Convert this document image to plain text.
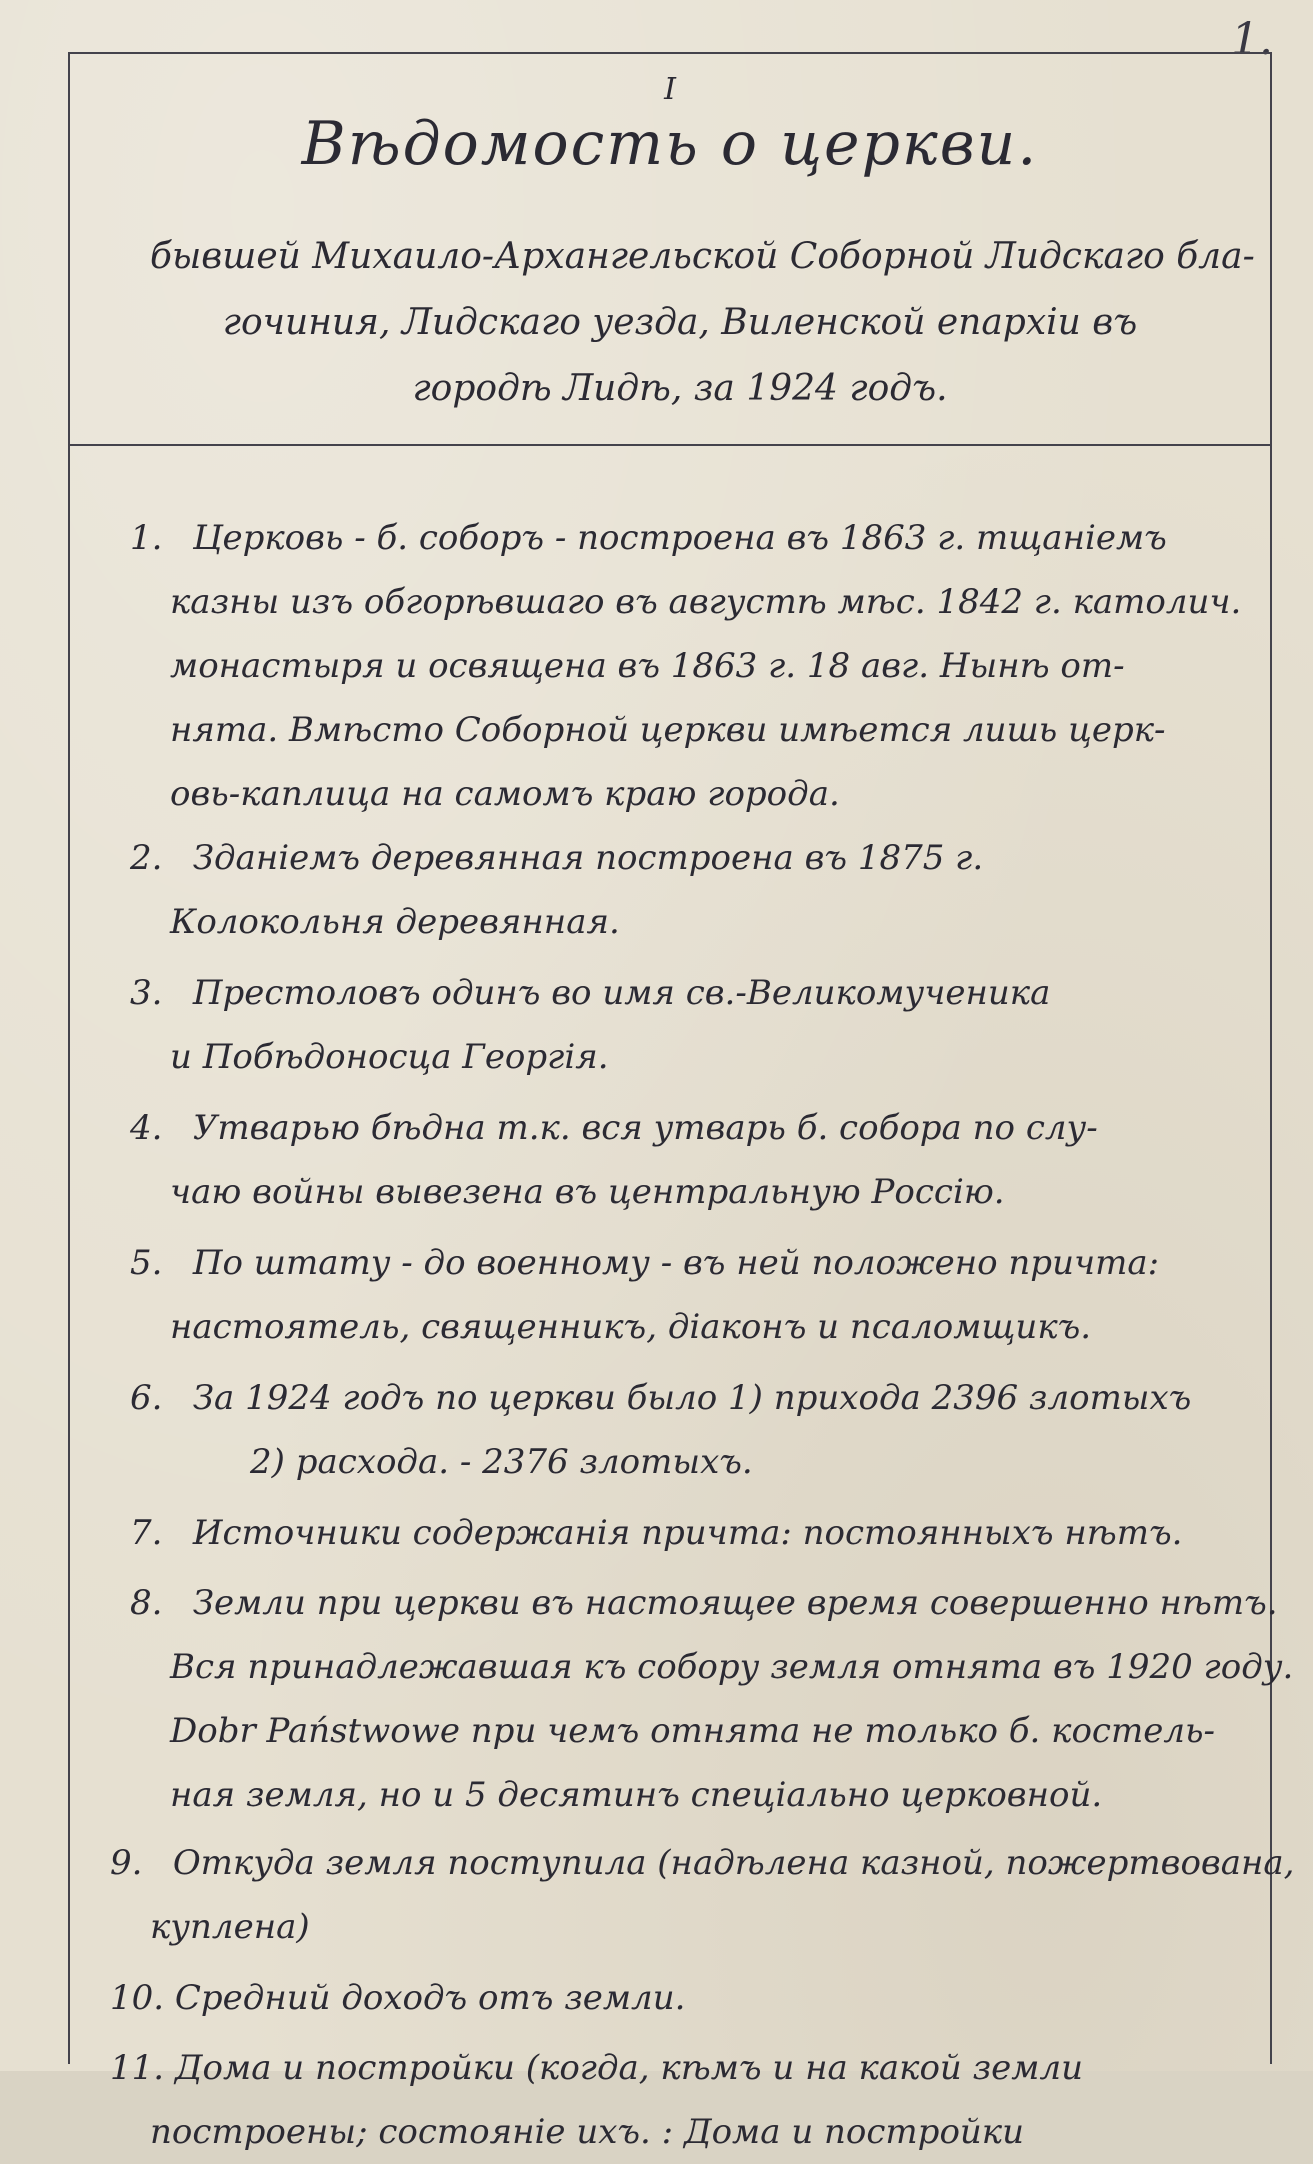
1.
I
Вѣдомость о церкви.
бывшей Михаило-Архангельской Соборной Лидскаго бла-
гочиния, Лидскаго уезда, Виленской епархiи въ
городѣ Лидѣ, за 1924 годъ.
1. Церковь - б. соборъ - построена въ 1863 г. тщанiемъ
казны изъ обгорѣвшаго въ августѣ мѣс. 1842 г. католич.
монастыря и освящена въ 1863 г. 18 авг. Нынѣ от-
нята. Вмѣсто Соборной церкви имѣется лишь церк-
овь-каплица на самомъ краю города.
2. Зданiемъ деревянная построена въ 1875 г.
Колокольня деревянная.
3. Престоловъ одинъ во имя св.-Великомученика
и Побѣдоносца Георгiя.
4. Утварью бѣдна т.к. вся утварь б. собора по слу-
чаю войны вывезена въ центральную Россiю.
5. По штату - до военному - въ ней положено причта:
настоятель, священникъ, дiаконъ и псаломщикъ.
6. За 1924 годъ по церкви было 1) прихода 2396 злотыхъ
2) расхода. - 2376 злотыхъ.
7. Источники содержанiя причта: постоянныхъ нѣтъ.
8. Земли при церкви въ настоящее время совершенно нѣтъ.
Вся принадлежавшая къ собору земля отнята въ 1920 году.
Dobr Państwowe при чемъ отнята не только б. костель-
ная земля, но и 5 десятинъ спецiально церковной.
9. Откуда земля поступила (надѣлена казной, пожертвована,
куплена)
10. Средний доходъ отъ земли.
11. Дома и постройки (когда, кѣмъ и на какой земли
построены; состоянiе ихъ. : Дома и постройки
